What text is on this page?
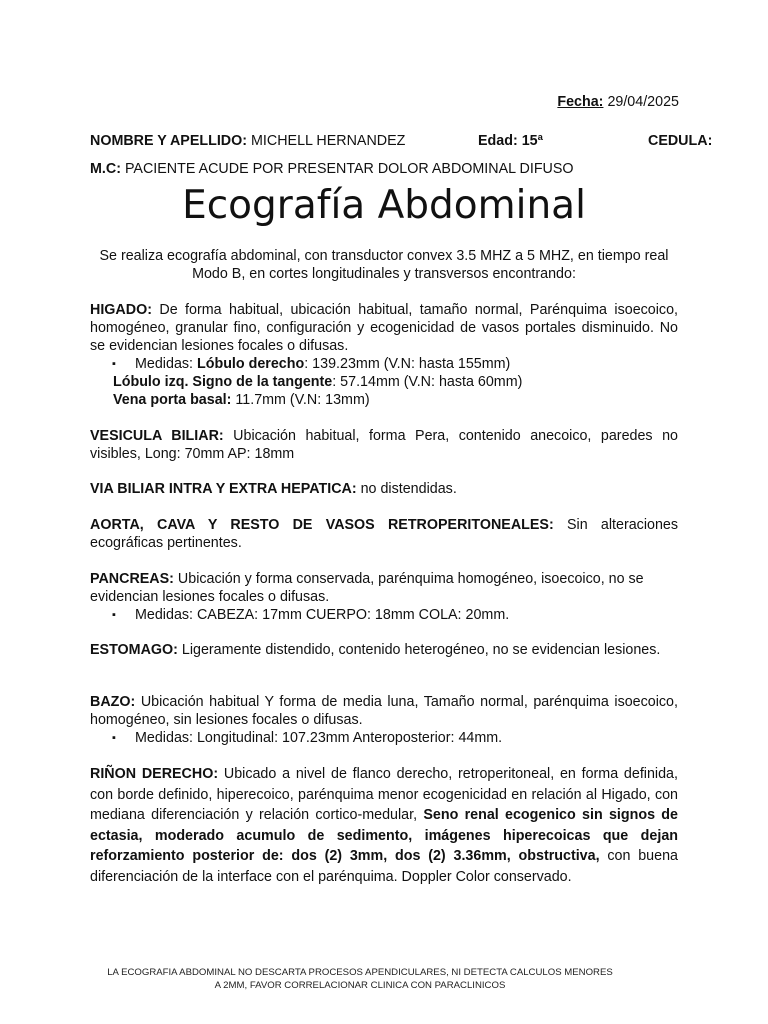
Fecha: 29/04/2025
NOMBRE Y APELLIDO: MICHELL HERNANDEZ	Edad: 15ª	CEDULA:
M.C: PACIENTE ACUDE POR PRESENTAR DOLOR ABDOMINAL DIFUSO
Ecografía Abdominal
Se realiza ecografía abdominal, con transductor convex 3.5 MHZ a 5 MHZ, en tiempo real Modo B, en cortes longitudinales y transversos encontrando:
HIGADO: De forma habitual, ubicación habitual, tamaño normal, Parénquima isoecoico, homogéneo, granular fino, configuración y ecogenicidad de vasos portales disminuido. No se evidencian lesiones focales o difusas.
▪ Medidas: Lóbulo derecho: 139.23mm (V.N: hasta 155mm)
Lóbulo izq. Signo de la tangente: 57.14mm (V.N: hasta 60mm)
Vena porta basal: 11.7mm (V.N: 13mm)
VESICULA BILIAR: Ubicación habitual, forma Pera, contenido anecoico, paredes no visibles, Long: 70mm AP: 18mm
VIA BILIAR INTRA Y EXTRA HEPATICA: no distendidas.
AORTA, CAVA Y RESTO DE VASOS RETROPERITONEALES: Sin alteraciones ecográficas pertinentes.
PANCREAS: Ubicación y forma conservada, parénquima homogéneo, isoecoico, no se evidencian lesiones focales o difusas.
▪ Medidas: CABEZA: 17mm CUERPO: 18mm COLA: 20mm.
ESTOMAGO: Ligeramente distendido, contenido heterogéneo, no se evidencian lesiones.
BAZO: Ubicación habitual Y forma de media luna, Tamaño normal, parénquima isoecoico, homogéneo, sin lesiones focales o difusas.
▪ Medidas: Longitudinal: 107.23mm Anteroposterior: 44mm.
RIÑON DERECHO: Ubicado a nivel de flanco derecho, retroperitoneal, en forma definida, con borde definido, hiperecoico, parénquima menor ecogenicidad en relación al Higado, con mediana diferenciación y relación cortico-medular, Seno renal ecogenico sin signos de ectasia, moderado acumulo de sedimento, imágenes hiperecoicas que dejan reforzamiento posterior de: dos (2) 3mm, dos (2) 3.36mm, obstructiva, con buena diferenciación de la interface con el parénquima. Doppler Color conservado.
LA ECOGRAFIA ABDOMINAL NO DESCARTA PROCESOS APENDICULARES, NI DETECTA CALCULOS MENORES
A 2MM, FAVOR CORRELACIONAR CLINICA CON PARACLINICOS
